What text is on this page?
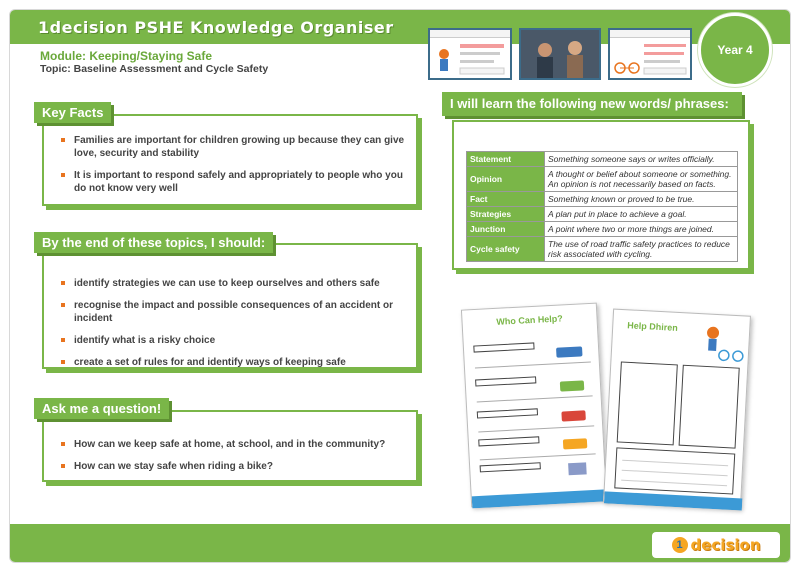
1decision PSHE Knowledge Organiser
Module: Keeping/Staying Safe
Topic: Baseline Assessment and Cycle Safety
Year 4
Families are important for children growing up because they can give love, security and stability
It is important to respond safely and appropriately to people who you do not know very well
Key Facts
identify strategies we can use to keep ourselves and others safe
recognise the impact and possible consequences of an accident or incident
identify what is a risky choice
create a set of rules for and identify ways of keeping safe
By the end of these topics, I should:
How can we keep safe at home, at school, and in the community?
How can we stay safe when riding a bike?
Ask me a question!
Statement	Something someone says or writes officially.
Opinion	A thought or belief about someone or something. An opinion is not necessarily based on facts.
Fact	Something known or proved to be true.
Strategies	A plan put in place to achieve a goal.
Junction	A point where two or more things are joined.
Cycle safety	The use of road traffic safety practices to reduce risk associated with cycling.
I will learn the following new words/ phrases:
Who Can Help?	Help Dhiren
1 decision
